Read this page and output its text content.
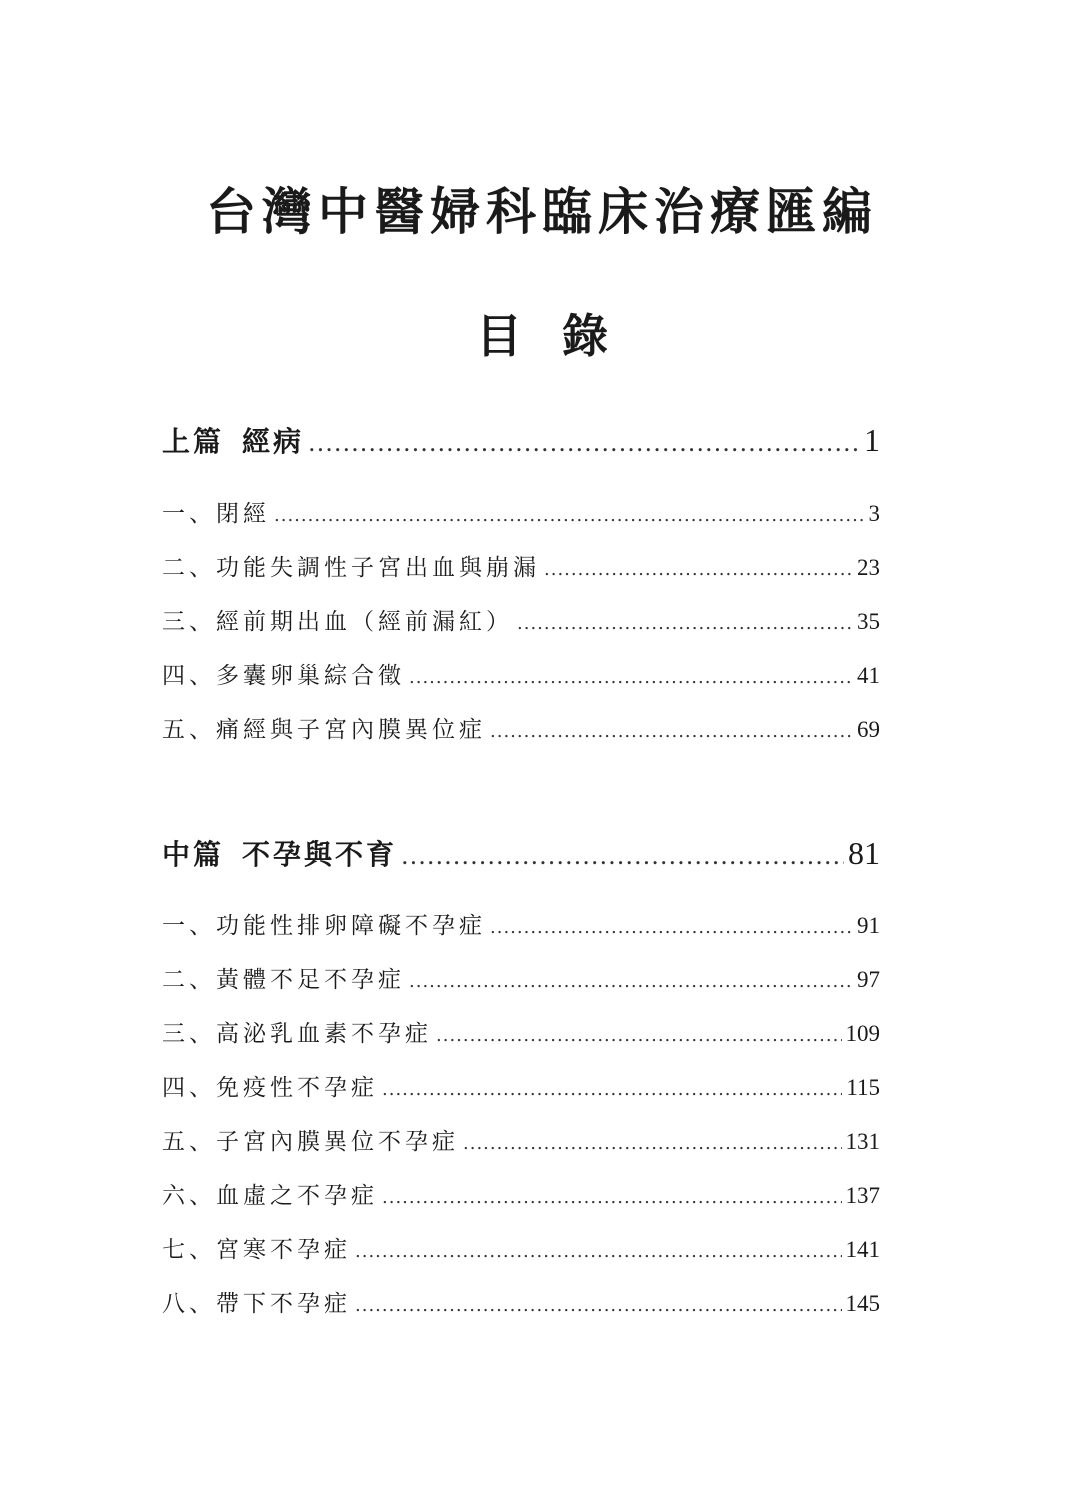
台灣中醫婦科臨床治療匯編
目錄
上篇 經病 .....	1
一、閉經 .....	3
二、功能失調性子宮出血與崩漏 .....	23
三、經前期出血（經前漏紅） .....	35
四、多囊卵巢綜合徵 .....	41
五、痛經與子宮內膜異位症 .....	69
中篇 不孕與不育 .....	81
一、功能性排卵障礙不孕症 .....	91
二、黃體不足不孕症 .....	97
三、高泌乳血素不孕症 .....	109
四、免疫性不孕症 .....	115
五、子宮內膜異位不孕症 .....	131
六、血虛之不孕症 .....	137
七、宮寒不孕症 .....	141
八、帶下不孕症 .....	145
